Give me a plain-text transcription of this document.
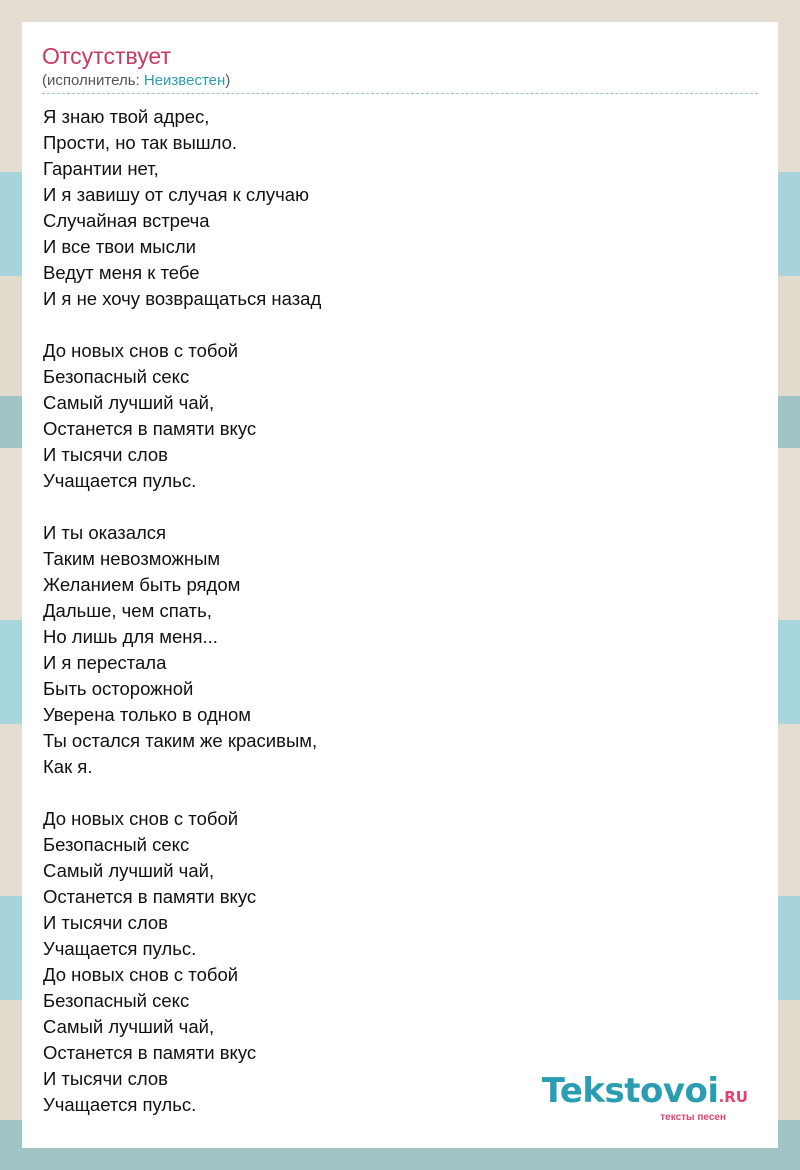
Отсутствует
(исполнитель: Неизвестен)
Я знаю твой адрес,
Прости, но так вышло.
Гарантии нет,
И я завишу от случая к случаю
Случайная встреча
И все твои мысли
Ведут меня к тебе
И я не хочу возвращаться назад
До новых снов с тобой
Безопасный секс
Самый лучший чай,
Останется в памяти вкус
И тысячи слов
Учащается пульс.
И ты оказался
Таким невозможным
Желанием быть рядом
Дальше, чем спать,
Но лишь для меня...
И я перестала
Быть осторожной
Уверена только в одном
Ты остался таким же красивым,
Как я.
До новых снов с тобой
Безопасный секс
Самый лучший чай,
Останется в памяти вкус
И тысячи слов
Учащается пульс.
До новых снов с тобой
Безопасный секс
Самый лучший чай,
Останется в памяти вкус
И тысячи слов
Учащается пульс.	Tekstovoi.RU
тексты песен
